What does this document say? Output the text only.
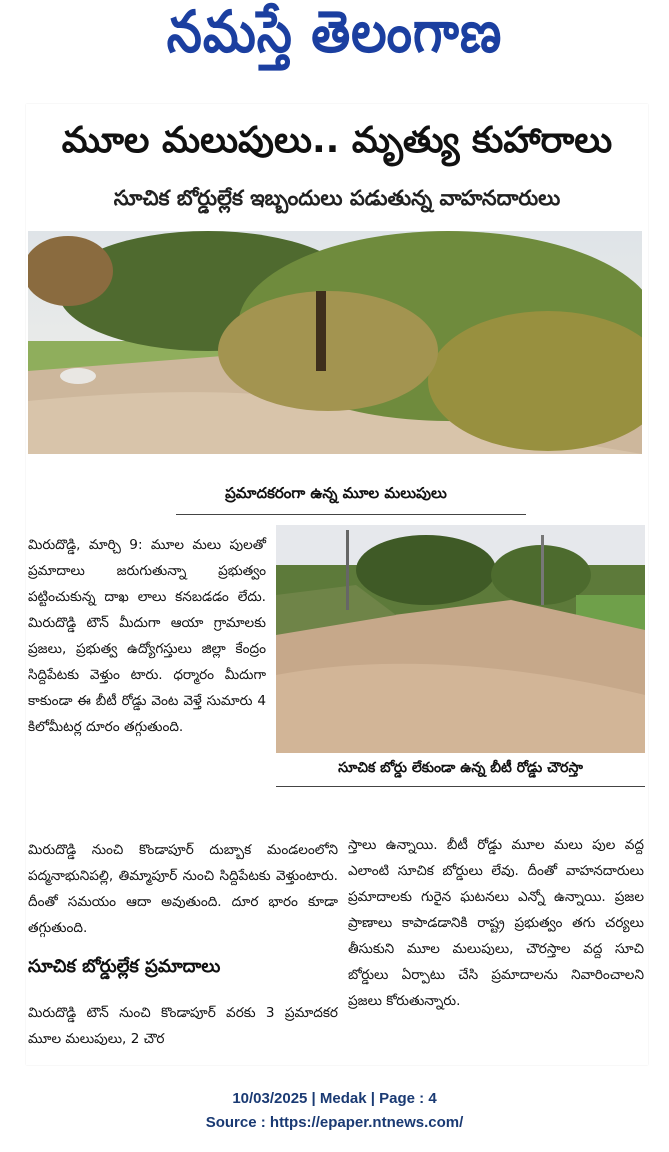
నమస్తే తెలంగాణ
మూల మలుపులు.. మృత్యు కుహారాలు
సూచిక బోర్డుల్లేక ఇబ్బందులు పడుతున్న వాహనదారులు
ప్రమాదకరంగా ఉన్న మూల మలుపులు
సూచిక బోర్డు లేకుండా ఉన్న బీటీ రోడ్డు చౌరస్తా

మిరుదొడ్డి, మార్చి 9: మూల మలు పులతో ప్రమాదాలు జరుగుతున్నా ప్రభుత్వం పట్టించుకున్న దాఖ లాలు కనబడడం లేదు. మిరుదొడ్డి టౌన్ మీదుగా ఆయా గ్రామాలకు ప్రజలు, ప్రభుత్వ ఉద్యోగస్తులు జిల్లా కేంద్రం సిద్దిపేటకు వెళ్తుం టారు. ధర్మారం మీదుగా కాకుండా ఈ బీటీ రోడ్డు వెంట వెళ్తే సుమారు 4 కిలోమీటర్ల దూరం తగ్గుతుంది.

మిరుదొడ్డి నుంచి కొండాపూర్ దుబ్బాక మండలంలోని పద్మనాభునిపల్లి, తిమ్మాపూర్ నుంచి సిద్దిపేటకు వెళ్తుంటారు. దీంతో సమయం ఆదా అవుతుంది. దూర భారం కూడా తగ్గుతుంది.

సూచిక బోర్డుల్లేక ప్రమాదాలు

మిరుదొడ్డి టౌన్ నుంచి కొండాపూర్ వరకు 3 ప్రమాదకర మూల మలుపులు, 2 చౌర

స్తాలు ఉన్నాయి. బీటీ రోడ్డు మూల మలు పుల వద్ద ఎలాంటి సూచిక బోర్డులు లేవు. దీంతో వాహనదారులు ప్రమాదాలకు గురైన ఘటనలు ఎన్నో ఉన్నాయి. ప్రజల ప్రాణాలు కాపాడడానికి రాష్ట్ర ప్రభుత్వం తగు చర్యలు తీసుకుని మూల మలుపులు, చౌరస్తాల వద్ద సూచి బోర్డులు ఏర్పాటు చేసి ప్రమాదాలను నివారించాలని ప్రజలు కోరుతున్నారు.

10/03/2025 | Medak | Page : 4
Source : https://epaper.ntnews.com/
